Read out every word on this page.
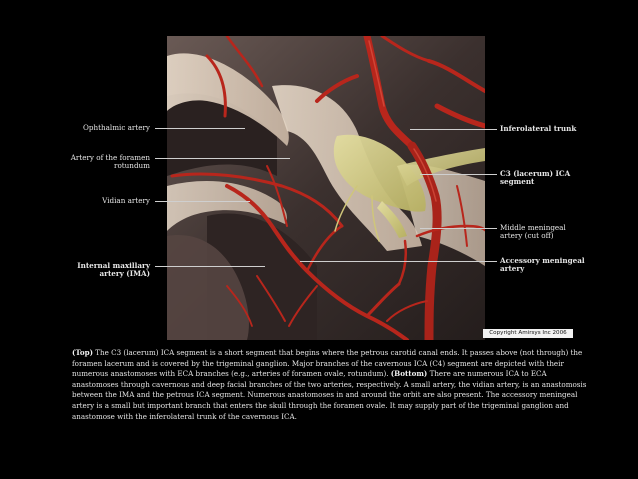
Ophthalmic artery
Artery of the foramen
rotundum
Vidian artery
Internal maxillary
artery (IMA)
Inferolateral trunk
C3 (lacerum) ICA
segment
Middle meningeal
artery (cut off)
Accessory meningeal
artery
Copyright Amirsys Inc 2006
(Top) The C3 (lacerum) ICA segment is a short segment that begins where the petrous carotid canal ends. It passes above (not through) the foramen lacerum and is covered by the trigeminal ganglion. Major branches of the cavernous ICA (C4) segment are depicted with their numerous anastomoses with ECA branches (e.g., arteries of foramen ovale, rotundum). (Bottom) There are numerous ICA to ECA anastomoses through cavernous and deep facial branches of the two arteries, respectively. A small artery, the vidian artery, is an anastomosis between the IMA and the petrous ICA segment. Numerous anastomoses in and around the orbit are also present. The accessory meningeal artery is a small but important branch that enters the skull through the foramen ovale. It may supply part of the trigeminal ganglion and anastomose with the inferolateral trunk of the cavernous ICA.
